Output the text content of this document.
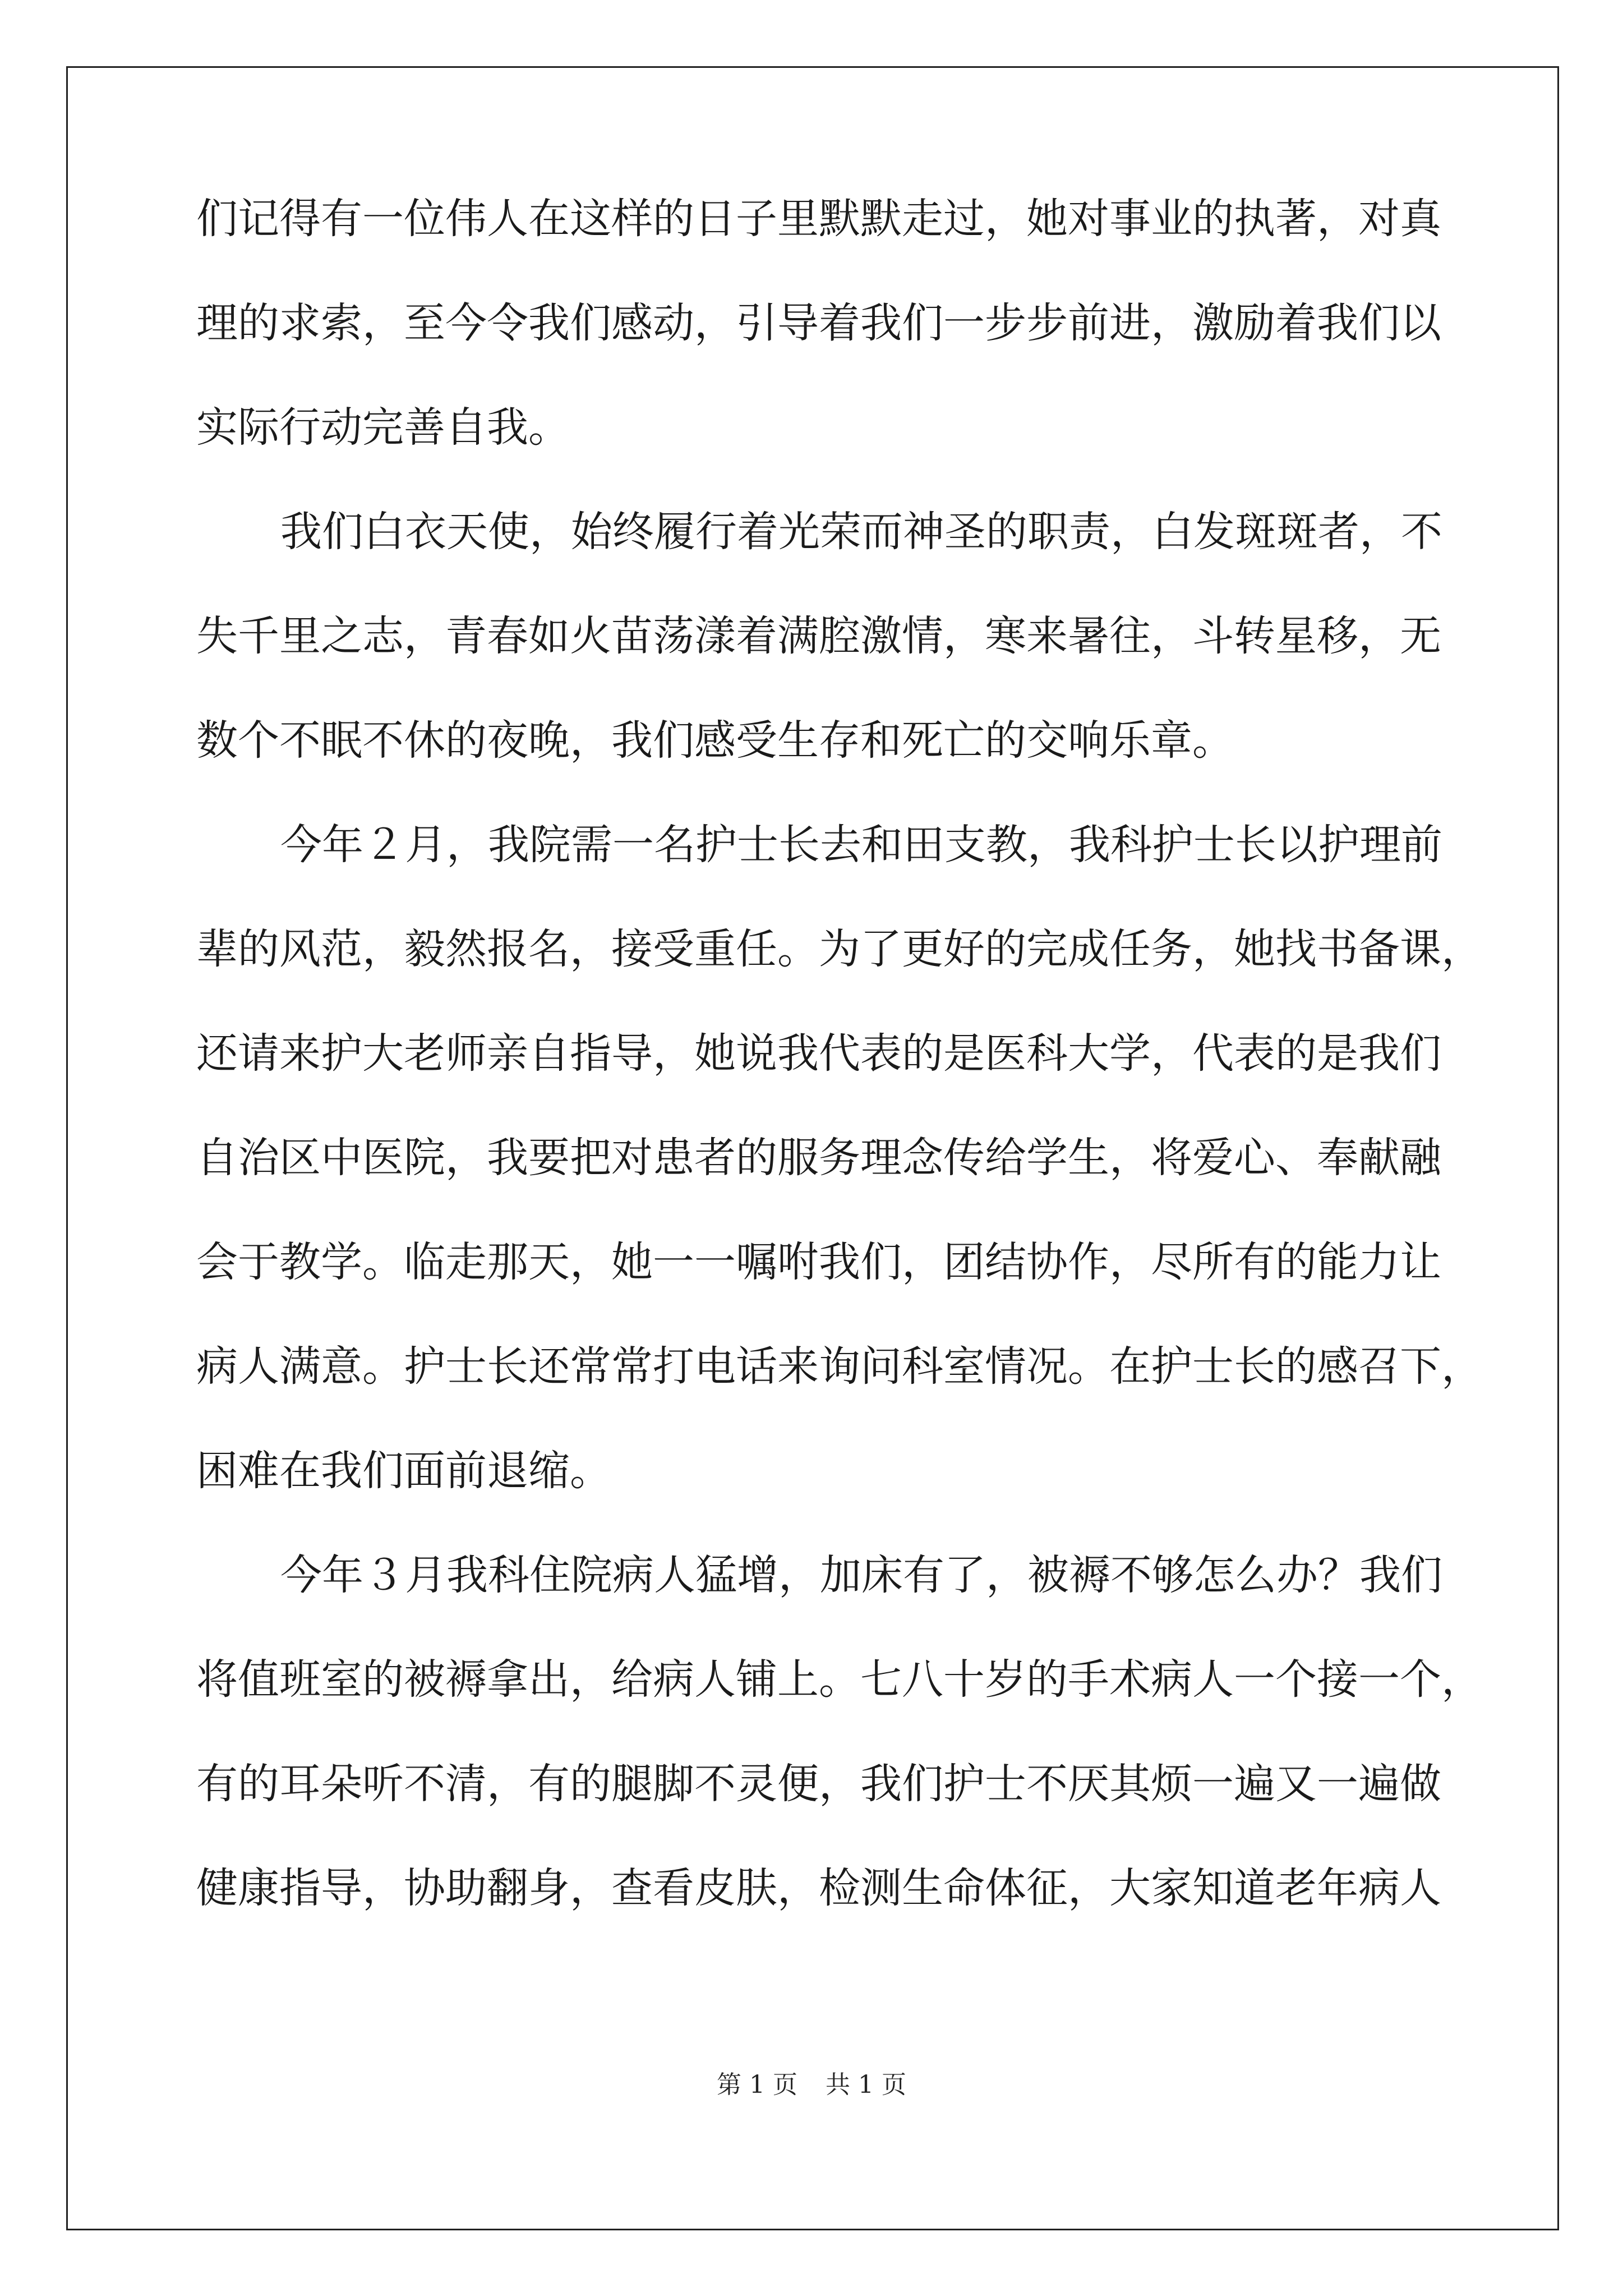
们记得有一位伟人在这样的日子里默默走过，她对事业的执著，对真
理的求索，至今令我们感动，引导着我们一步步前进，激励着我们以
实际行动完善自我。
我们白衣天使，始终履行着光荣而神圣的职责，白发斑斑者，不
失千里之志，青春如火苗荡漾着满腔激情，寒来暑往，斗转星移，无
数个不眠不休的夜晚，我们感受生存和死亡的交响乐章。
今年２月，我院需一名护士长去和田支教，我科护士长以护理前
辈的风范，毅然报名，接受重任。为了更好的完成任务，她找书备课，
还请来护大老师亲自指导，她说我代表的是医科大学，代表的是我们
自治区中医院，我要把对患者的服务理念传给学生，将爱心、奉献融
会于教学。临走那天，她一一嘱咐我们，团结协作，尽所有的能力让
病人满意。护士长还常常打电话来询问科室情况。在护士长的感召下，
困难在我们面前退缩。
今年３月我科住院病人猛增，加床有了，被褥不够怎么办？我们
将值班室的被褥拿出，给病人铺上。七八十岁的手术病人一个接一个，
有的耳朵听不清，有的腿脚不灵便，我们护士不厌其烦一遍又一遍做
健康指导，协助翻身，查看皮肤，检测生命体征，大家知道老年病人
第 1 页 共 1 页
